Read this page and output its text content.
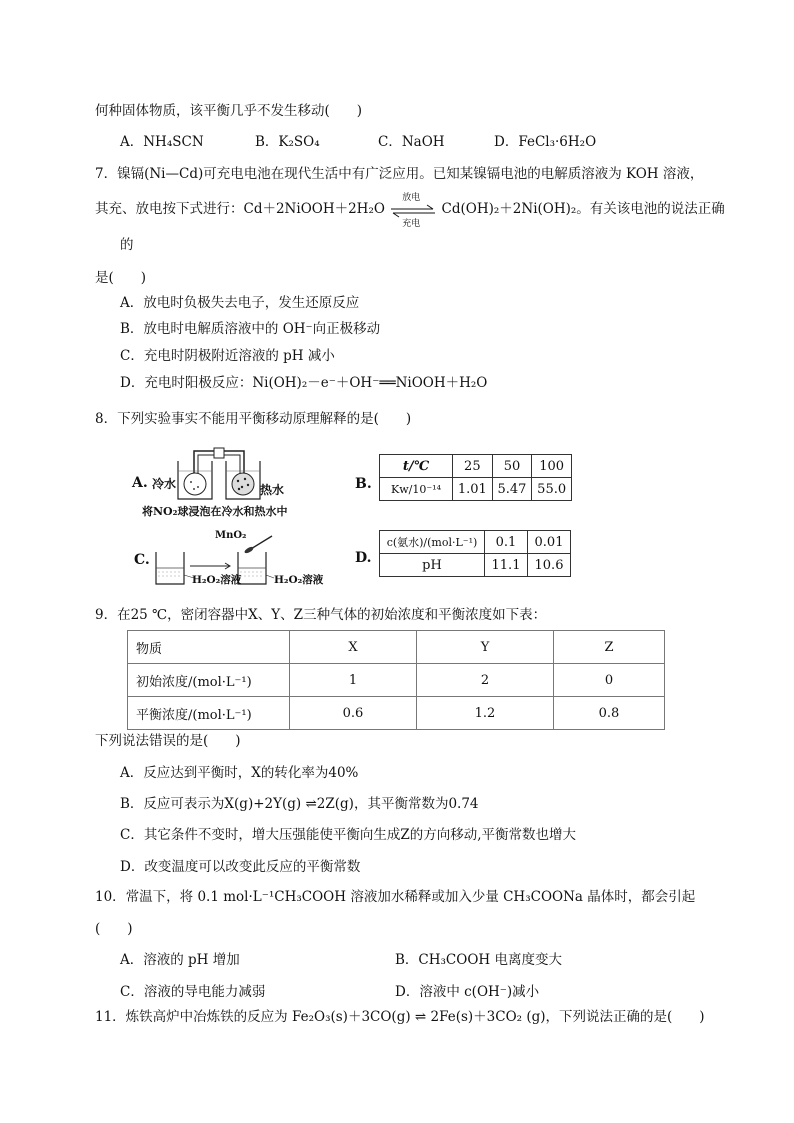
何种固体物质，该平衡几乎不发生移动(　　)
A．NH₄SCN	B．K₂SO₄	C．NaOH	D．FeCl₃·6H₂O
7．镍镉(Ni—Cd)可充电电池在现代生活中有广泛应用。已知某镍镉电池的电解质溶液为 KOH 溶液，
其充、放电按下式进行：Cd＋2NiOOH＋2H₂O
放电
充电
Cd(OH)₂＋2Ni(OH)₂。有关该电池的说法正确
的
是(　　)
A．放电时负极失去电子，发生还原反应
B．放电时电解质溶液中的 OH⁻向正极移动
C．充电时阴极附近溶液的 pH 减小
D．充电时阳极反应：Ni(OH)₂－e⁻＋OH⁻══NiOOH＋H₂O
8．下列实验事实不能用平衡移动原理解释的是(　　)
A. 冷水	热水
将NO₂球浸泡在冷水和热水中
B.
t/℃	25	50	100
Kw/10⁻¹⁴	1.01	5.47	55.0
C.
MnO₂
H₂O₂溶液	H₂O₂溶液
D.
c(氨水)/(mol·L⁻¹)	0.1	0.01
pH	11.1	10.6
9．在25 ℃，密闭容器中X、Y、Z三种气体的初始浓度和平衡浓度如下表：
物质	X	Y	Z
初始浓度/(mol·L⁻¹)	1	2	0
平衡浓度/(mol·L⁻¹)	0.6	1.2	0.8
下列说法错误的是(　　)
A．反应达到平衡时，X的转化率为40%
B．反应可表示为X(g)+2Y(g) ⇌2Z(g)，其平衡常数为0.74
C．其它条件不变时，增大压强能使平衡向生成Z的方向移动,平衡常数也增大
D．改变温度可以改变此反应的平衡常数
10．常温下，将 0.1 mol·L⁻¹CH₃COOH 溶液加水稀释或加入少量 CH₃COONa 晶体时，都会引起
(　　)
A．溶液的 pH 增加	B．CH₃COOH 电离度变大
C．溶液的导电能力减弱	D．溶液中 c(OH⁻)减小
11．炼铁高炉中冶炼铁的反应为 Fe₂O₃(s)＋3CO(g) ⇌ 2Fe(s)＋3CO₂ (g)，下列说法正确的是(　　)
